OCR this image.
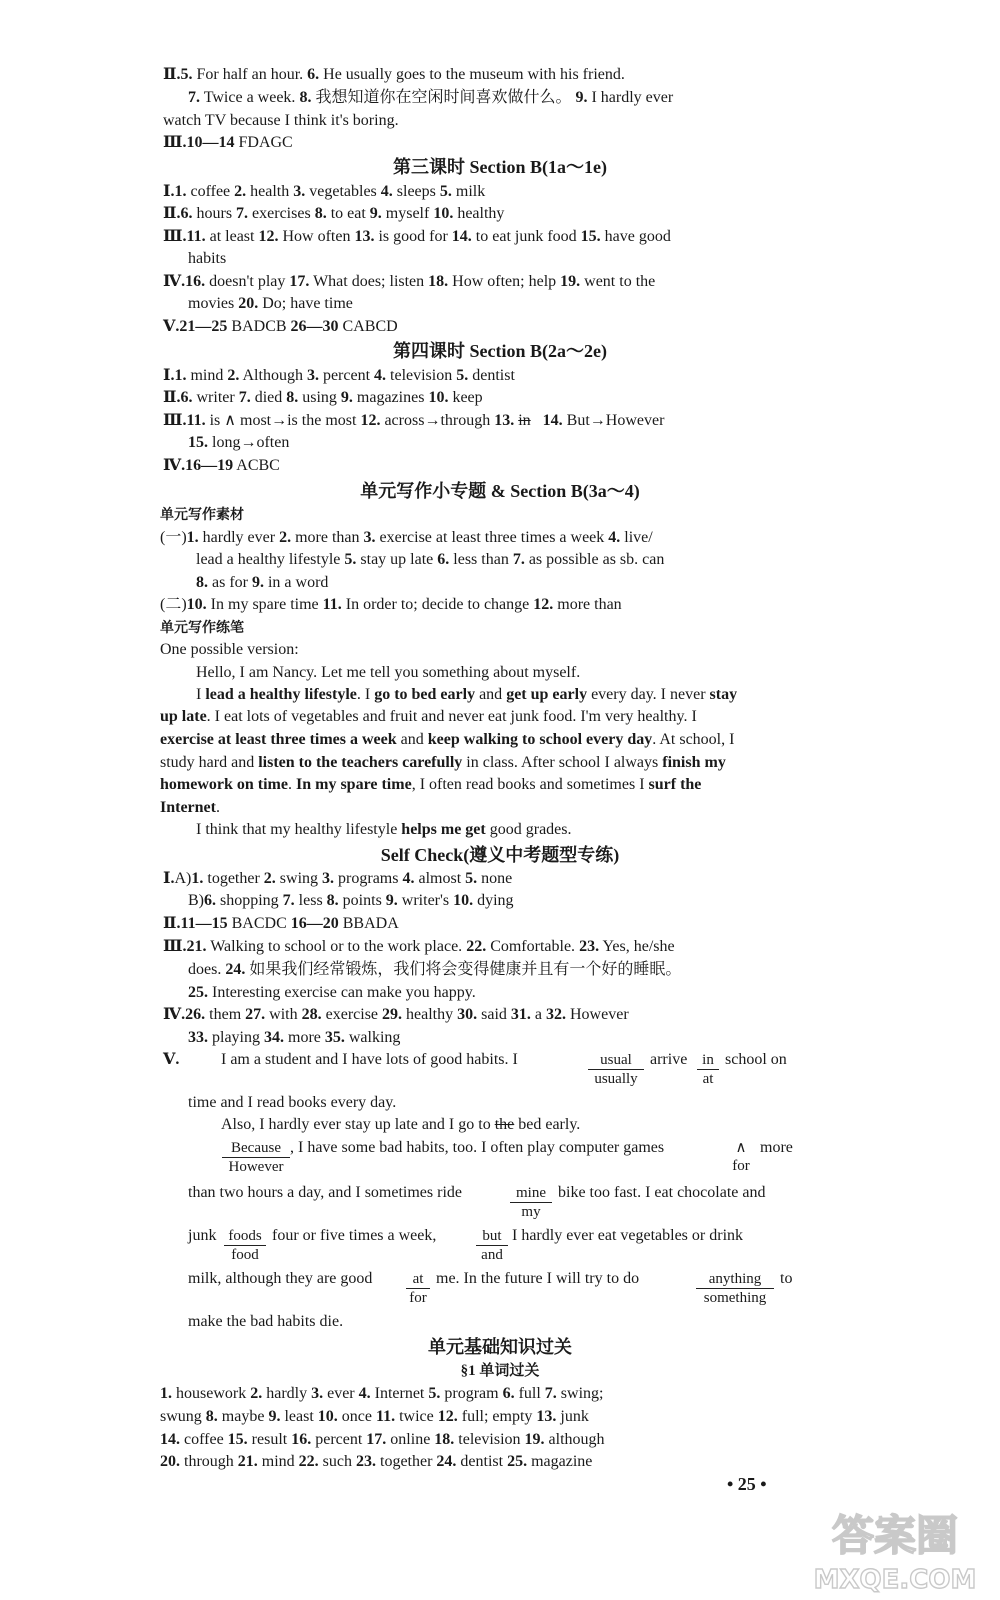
Ⅱ.5. For half an hour. 6. He usually goes to the museum with his friend.
7. Twice a week. 8. 我想知道你在空闲时间喜欢做什么。 9. I hardly ever
watch TV because I think it's boring.
Ⅲ.10—14 FDAGC
第三课时 Section B(1a～1e)
Ⅰ.1. coffee 2. health 3. vegetables 4. sleeps 5. milk
Ⅱ.6. hours 7. exercises 8. to eat 9. myself 10. healthy
Ⅲ.11. at least 12. How often 13. is good for 14. to eat junk food 15. have good
habits
Ⅳ.16. doesn't play 17. What does; listen 18. How often; help 19. went to the
movies 20. Do; have time
Ⅴ.21—25 BADCB 26—30 CABCD
第四课时 Section B(2a～2e)
Ⅰ.1. mind 2. Although 3. percent 4. television 5. dentist
Ⅱ.6. writer 7. died 8. using 9. magazines 10. keep
Ⅲ.11. is ∧ most→is the most 12. across→through 13. in 14. But→However
15. long→often
Ⅳ.16—19 ACBC
单元写作小专题 & Section B(3a～4)
单元写作素材
(一)1. hardly ever 2. more than 3. exercise at least three times a week 4. live/
lead a healthy lifestyle 5. stay up late 6. less than 7. as possible as sb. can
8. as for 9. in a word
(二)10. In my spare time 11. In order to; decide to change 12. more than
单元写作练笔
One possible version:
Hello, I am Nancy. Let me tell you something about myself.
I lead a healthy lifestyle. I go to bed early and get up early every day. I never stay
up late. I eat lots of vegetables and fruit and never eat junk food. I'm very healthy. I
exercise at least three times a week and keep walking to school every day. At school, I
study hard and listen to the teachers carefully in class. After school I always finish my
homework on time. In my spare time, I often read books and sometimes I surf the
Internet.
I think that my healthy lifestyle helps me get good grades.
Self Check(遵义中考题型专练)
Ⅰ.A)1. together 2. swing 3. programs 4. almost 5. none
B)6. shopping 7. less 8. points 9. writer's 10. dying
Ⅱ.11—15 BACDC 16—20 BBADA
Ⅲ.21. Walking to school or to the work place. 22. Comfortable. 23. Yes, he/she
does. 24. 如果我们经常锻炼，我们将会变得健康并且有一个好的睡眠。
25. Interesting exercise can make you happy.
Ⅳ.26. them 27. with 28. exercise 29. healthy 30. said 31. a 32. However
33. playing 34. more 35. walking
Ⅴ.	I am a student and I have lots of good habits. I	usual
usually
arrive in
at
school on
time and I read books every day.
Also, I hardly ever stay up late and I go to the bed early.
Because
However
, I have some bad habits, too. I often play computer games	∧
for
more
than two hours a day, and I sometimes ride	mine
my
bike too fast. I eat chocolate and
junk foods
food
four or five times a week,	but
and
I hardly ever eat vegetables or drink
milk, although they are good	at
for
me. In the future I will try to do	anything
something
to
make the bad habits die.
单元基础知识过关
§1 单词过关
1. housework 2. hardly 3. ever 4. Internet 5. program 6. full 7. swing;
swung 8. maybe 9. least 10. once 11. twice 12. full; empty 13. junk
14. coffee 15. result 16. percent 17. online 18. television 19. although
20. through 21. mind 22. such 23. together 24. dentist 25. magazine
• 25 •
答案圈
MXQE.COM
